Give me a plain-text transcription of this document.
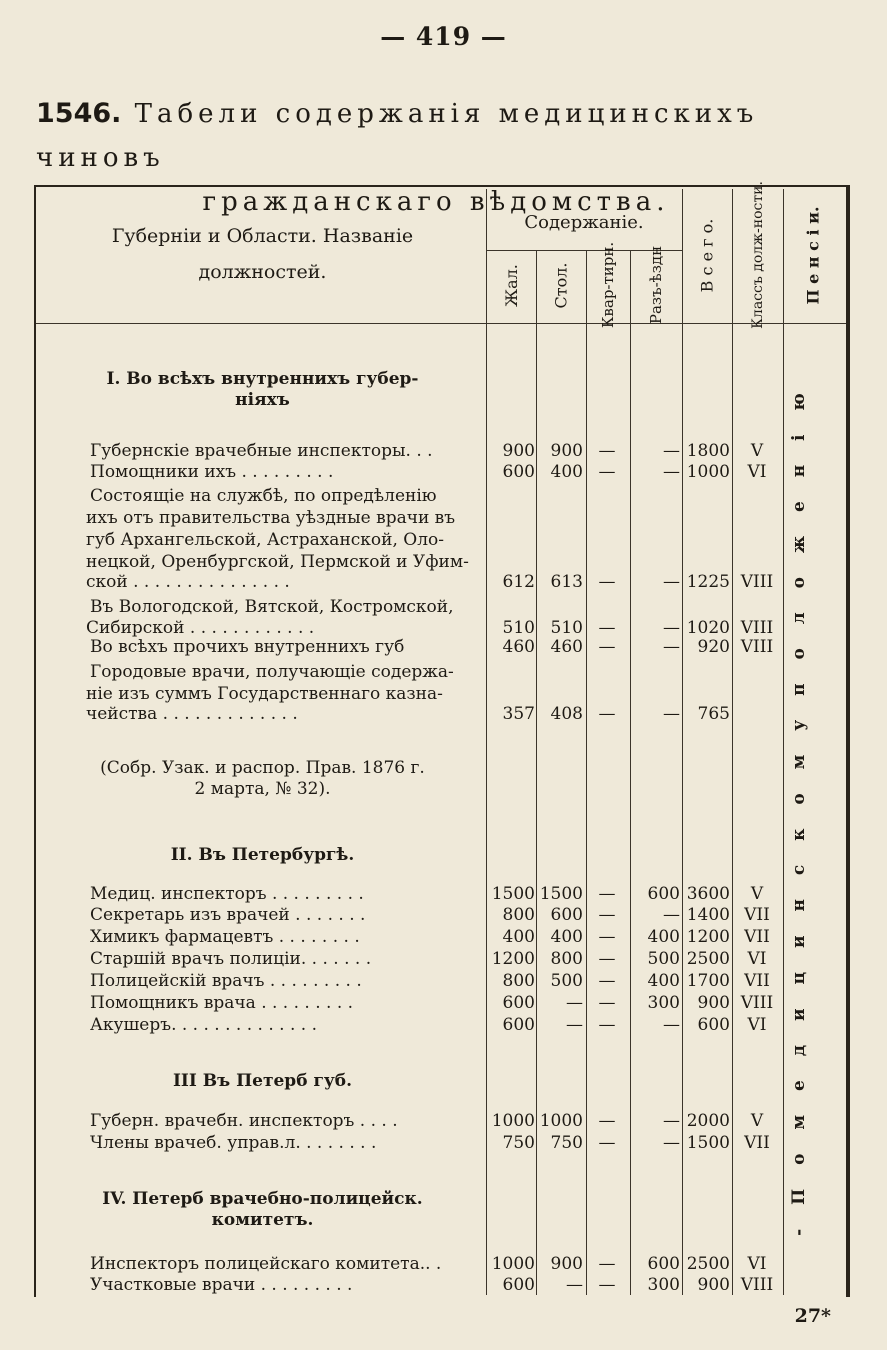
— 419 —
1546. Табели содержанія медицинскихъ чиновъ
гражданскаго вѣдомства.
Губерніи и Области. Названіе
должностей.
Содержаніе.
Жал. Стол. Квар-тирн. Разъ-ѣздн В с е г о. Классъ долж-ности. П е н с і и.
- П о м е д и ц и н с к о м у п о л о ж е н і ю
I. Во всѣхъ внутреннихъ губер-
ніяхъ
Губернскіе врачебные инспекторы. . .	900 900 —	— 1800	V
Помощники ихъ . . . . . . . . .	600 400 —	— 1000	VI
Состоящіе на службѣ, по опредѣленію
ихъ отъ правительства уѣздные врачи въ
губ Архангельской, Астраханской, Оло-
нецкой, Оренбургской, Пермской и Уфим-
ской . . . . . . . . . . . . . . .	612 613 —	— 1225 VIII
Въ Вологодской, Вятской, Костромской,
Сибирской . . . . . . . . . . . .	510 510 —	— 1020 VIII
Во всѣхъ прочихъ внутреннихъ губ	460 460 —	—	920 VIII
Городовые врачи, получающіе содержа-
ніе изъ суммъ Государственнаго казна-
чейства . . . . . . . . . . . . .	357 408 —	—	765
(Собр. Узак. и распор. Прав. 1876 г.
2 марта, № 32).
II. Въ Петербургѣ.
Медиц. инспекторъ . . . . . . . . .	1500 1500 —	600 3600	V
Секретарь изъ врачей . . . . . . .	800 600 —	— 1400 VII
Химикъ фармацевтъ . . . . . . . .	400 400 —	400 1200 VII
Старшій врачъ полиціи. . . . . . .	1200 800 —	500 2500	VI
Полицейскій врачъ . . . . . . . . .	800 500 —	400 1700 VII
Помощникъ врача . . . . . . . . .	600	— —	300	900 VIII
Акушеръ. . . . . . . . . . . . . .	600	— —	—	600	VI
III Въ Петерб губ.
Губерн. врачебн. инспекторъ . . . .	1000 1000 —	— 2000	V
Члены врачеб. управ.л. . . . . . . .	750 750 —	— 1500 VII
IV. Петерб врачебно-полицейск.
комитетъ.
Инспекторъ полицейскаго комитета.. .	1000 900 —	600 2500	VI
Участковые врачи . . . . . . . . .	600	— —	300	900 VIII
27*
